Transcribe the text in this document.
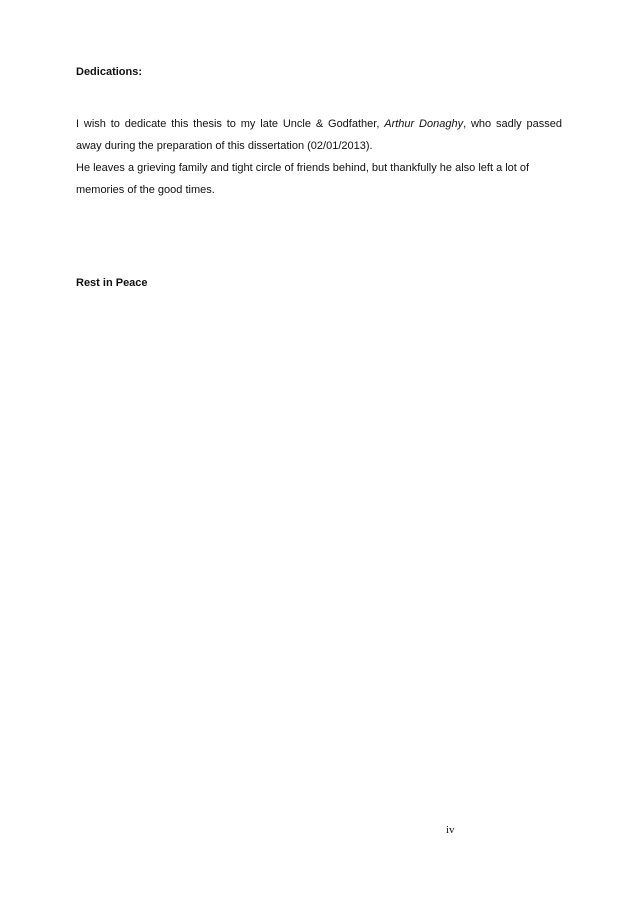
Dedications:

I wish to dedicate this thesis to my late Uncle & Godfather, Arthur Donaghy, who sadly passed away during the preparation of this dissertation (02/01/2013).

He leaves a grieving family and tight circle of friends behind, but thankfully he also left a lot of memories of the good times.

Rest in Peace

iv
